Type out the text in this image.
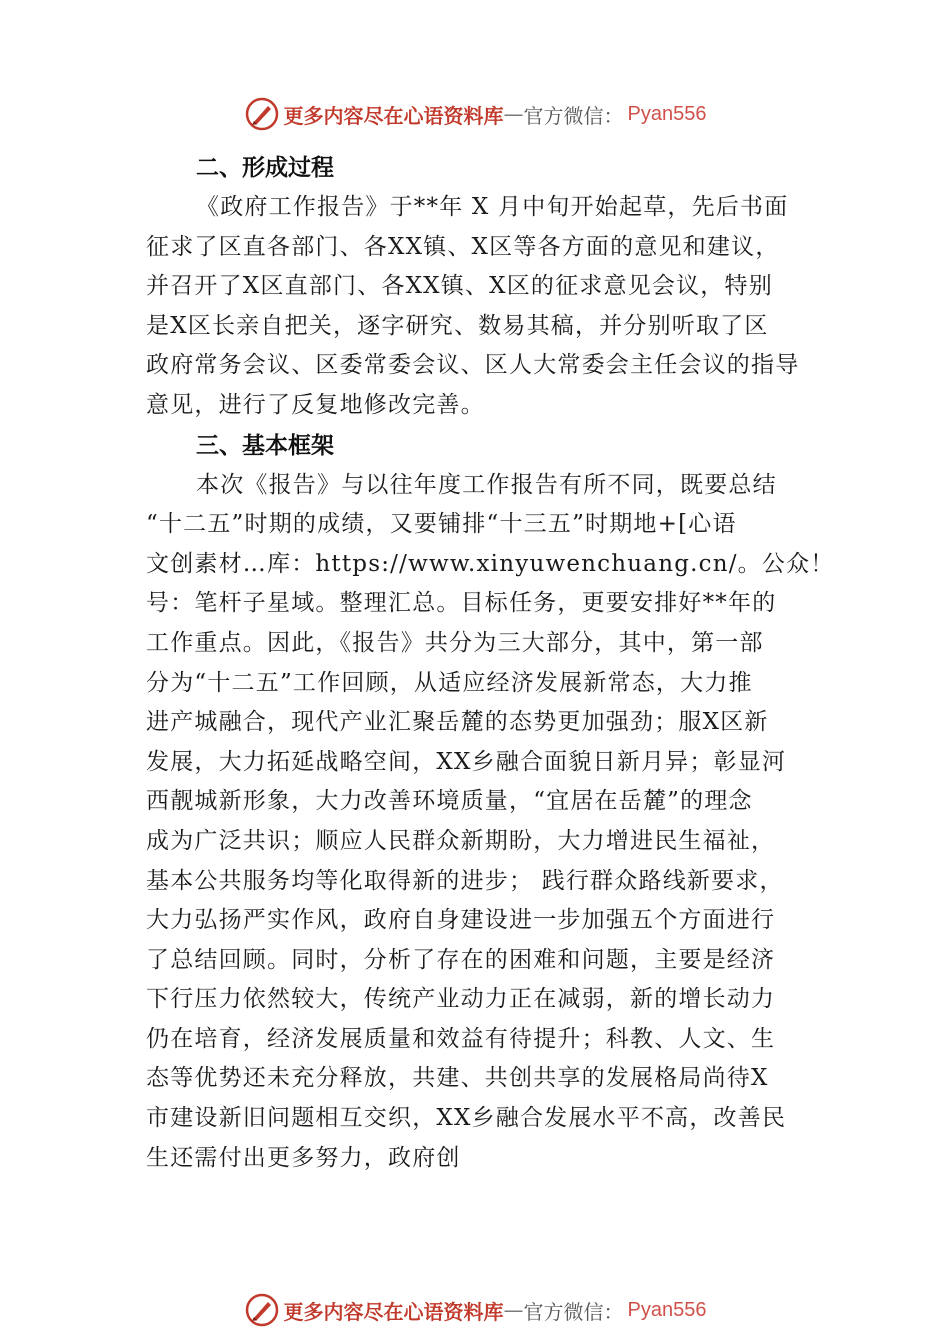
更多内容尽在心语资料库 — 官方微信： Pyan556
二、形成过程
《政府工作报告》于**年 X 月中旬开始起草，先后书面
征求了区直各部门、各XX镇、X区等各方面的意见和建议，
并召开了X区直部门、各XX镇、X区的征求意见会议，特别
是X区长亲自把关，逐字研究、数易其稿，并分别听取了区
政府常务会议、区委常委会议、区人大常委会主任会议的指导
意见，进行了反复地修改完善。
三、基本框架
本次《报告》与以往年度工作报告有所不同，既要总结
“十二五”时期的成绩，又要铺排“十三五”时期地+[心语
文创素材…库：https://www.xinyuwenchuang.cn/。公众！
号：笔杆子星域。整理汇总。目标任务，更要安排好**年的
工作重点。因此，《报告》共分为三大部分，其中，第一部
分为“十二五”工作回顾，从适应经济发展新常态，大力推
进产城融合，现代产业汇聚岳麓的态势更加强劲；服X区新
发展，大力拓延战略空间，XX乡融合面貌日新月异；彰显河
西靓城新形象，大力改善环境质量，“宜居在岳麓”的理念
成为广泛共识；顺应人民群众新期盼，大力增进民生福祉，
基本公共服务均等化取得新的进步； 践行群众路线新要求，
大力弘扬严实作风，政府自身建设进一步加强五个方面进行
了总结回顾。同时，分析了存在的困难和问题，主要是经济
下行压力依然较大，传统产业动力正在减弱，新的增长动力
仍在培育，经济发展质量和效益有待提升；科教、人文、生
态等优势还未充分释放，共建、共创共享的发展格局尚待X
市建设新旧问题相互交织，XX乡融合发展水平不高，改善民
生还需付出更多努力，政府创
更多内容尽在心语资料库 — 官方微信： Pyan556
